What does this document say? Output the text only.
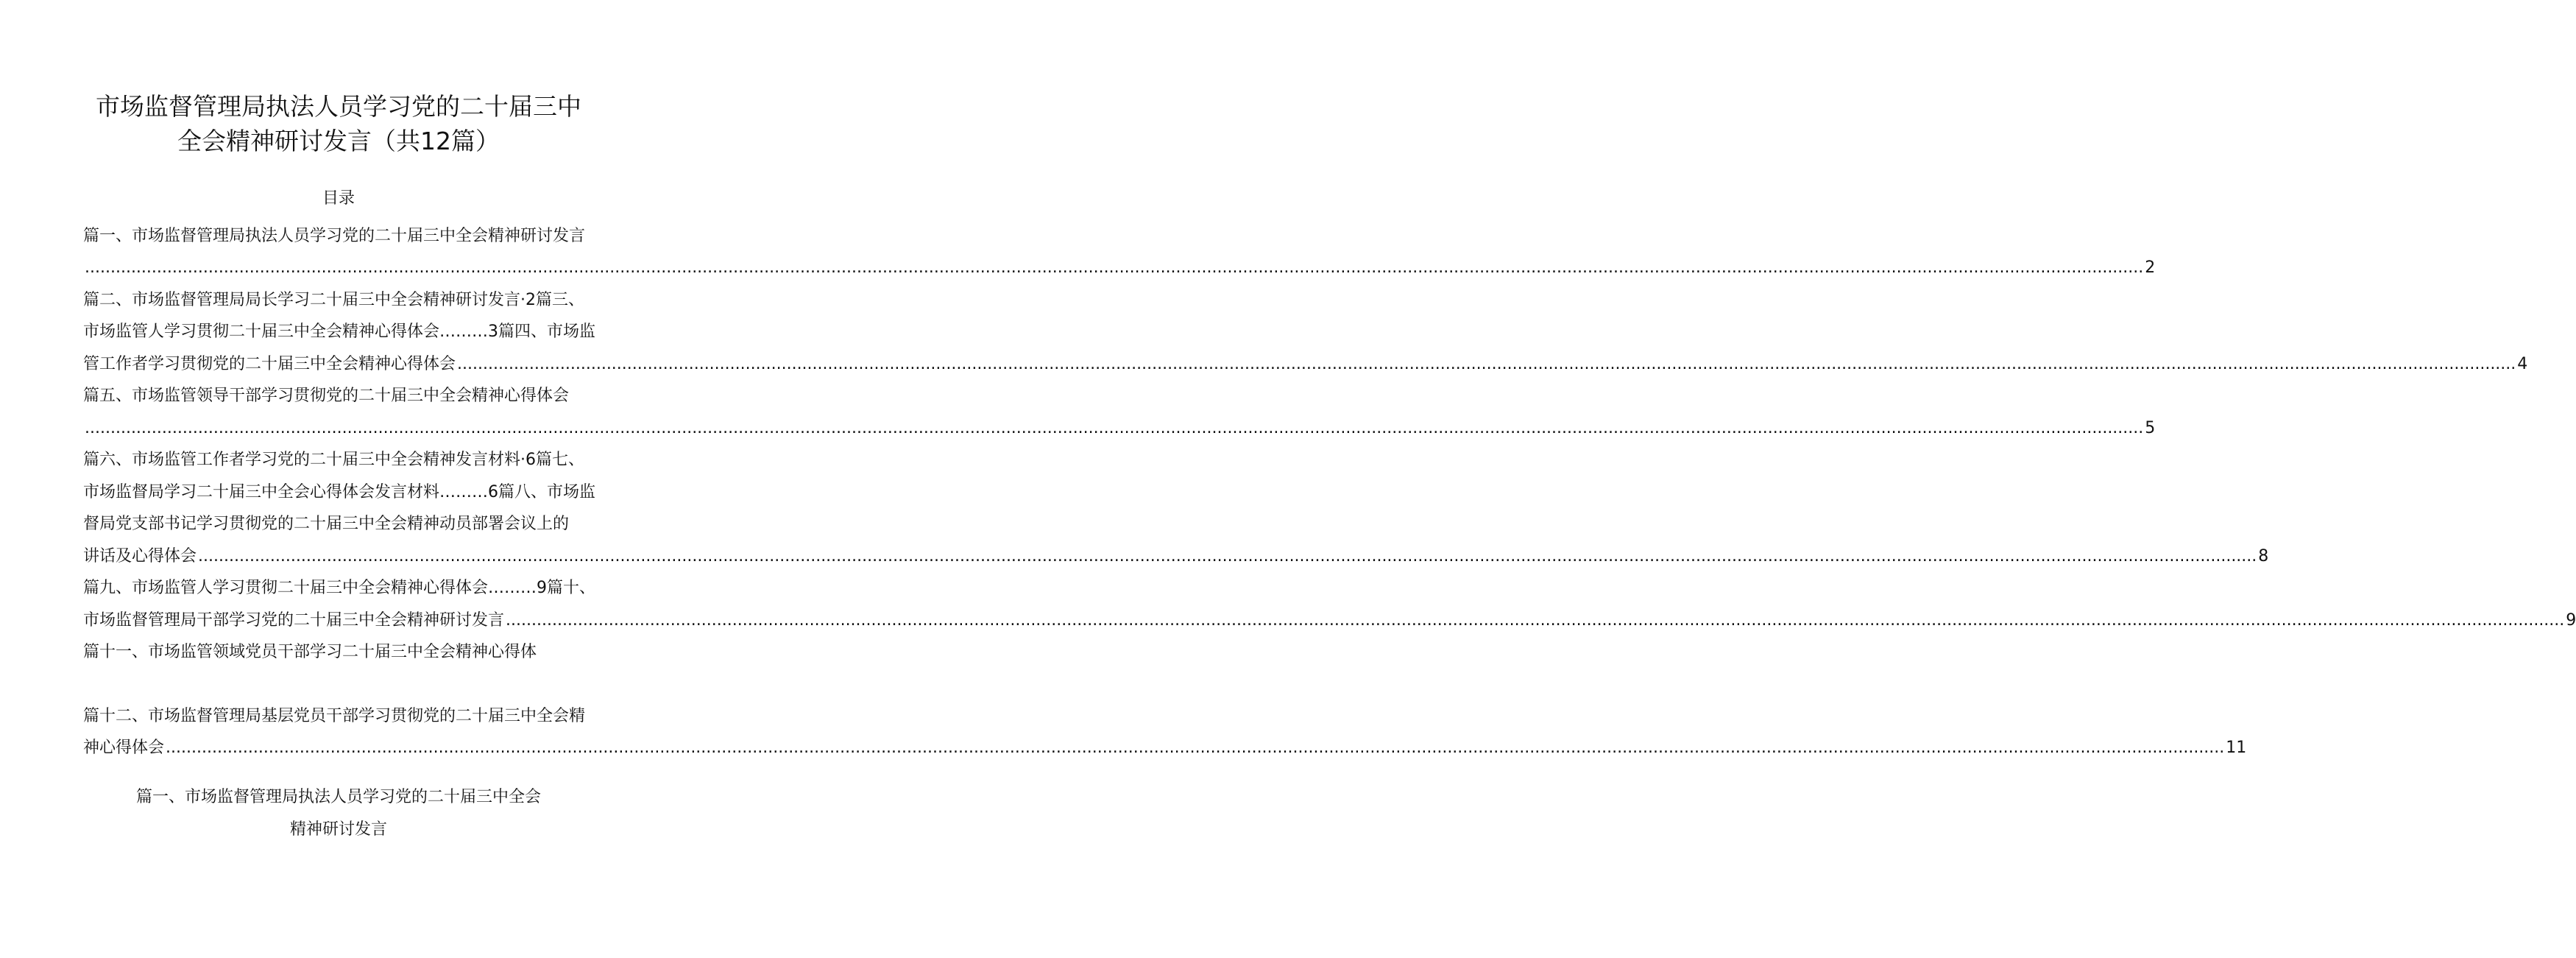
市场监督管理局执法人员学习党的二十届三中
全会精神研讨发言（共12篇）
目录
篇一、市场监督管理局执法人员学习党的二十届三中全会精神研讨发言
................................................................................................................................................................................................................................................................................................................................................................................................................ 2
篇二、市场监督管理局局长学习二十届三中全会精神研讨发言·2篇三、
市场监管人学习贯彻二十届三中全会精神心得体会………3篇四、市场监
管工作者学习贯彻党的二十届三中全会精神心得体会 ................................................................................................................................................................................................................................................................................................................................................................................................................ 4
篇五、市场监管领导干部学习贯彻党的二十届三中全会精神心得体会
................................................................................................................................................................................................................................................................................................................................................................................................................ 5
篇六、市场监管工作者学习党的二十届三中全会精神发言材料·6篇七、
市场监督局学习二十届三中全会心得体会发言材料………6篇八、市场监
督局党支部书记学习贯彻党的二十届三中全会精神动员部署会议上的
讲话及心得体会 ................................................................................................................................................................................................................................................................................................................................................................................................................ 8
篇九、市场监管人学习贯彻二十届三中全会精神心得体会………9篇十、
市场监督管理局干部学习党的二十届三中全会精神研讨发言 ................................................................................................................................................................................................................................................................................................................................................................................................................ 9
篇十一、市场监管领域党员干部学习二十届三中全会精神心得体
篇十二、市场监督管理局基层党员干部学习贯彻党的二十届三中全会精
神心得体会 ................................................................................................................................................................................................................................................................................................................................................................................................................ 11
篇一、市场监督管理局执法人员学习党的二十届三中全会
精神研讨发言
